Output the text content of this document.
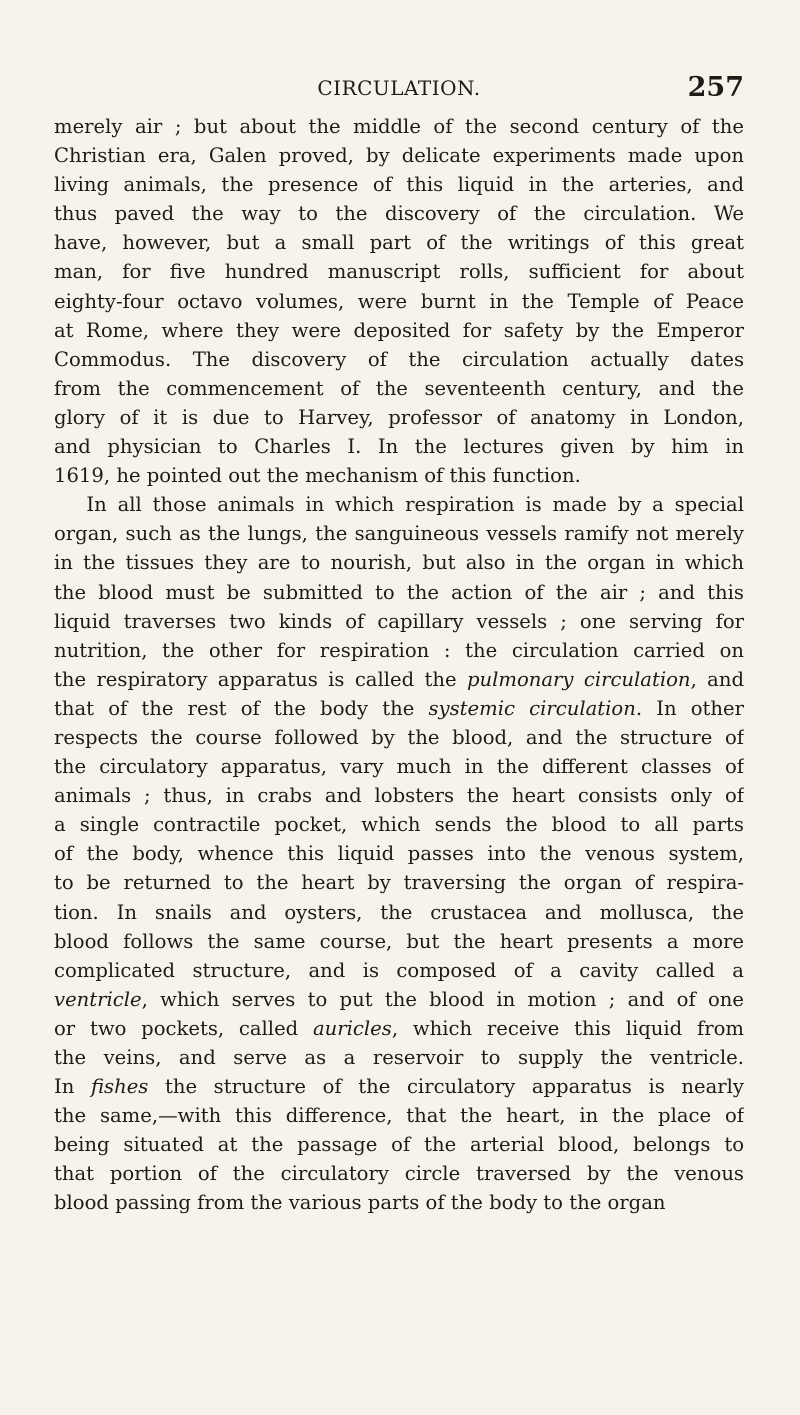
CIRCULATION.	257
merely air ; but about the middle of the second century of the
Christian era, Galen proved, by delicate experiments made upon
living animals, the presence of this liquid in the arteries, and
thus paved the way to the discovery of the circulation. We
have, however, but a small part of the writings of this great
man, for five hundred manuscript rolls, sufficient for about
eighty-four octavo volumes, were burnt in the Temple of Peace
at Rome, where they were deposited for safety by the Emperor
Commodus. The discovery of the circulation actually dates
from the commencement of the seventeenth century, and the
glory of it is due to Harvey, professor of anatomy in London,
and physician to Charles I. In the lectures given by him in
1619, he pointed out the mechanism of this function.
In all those animals in which respiration is made by a special
organ, such as the lungs, the sanguineous vessels ramify not merely
in the tissues they are to nourish, but also in the organ in which
the blood must be submitted to the action of the air ; and this
liquid traverses two kinds of capillary vessels ; one serving for
nutrition, the other for respiration : the circulation carried on
the respiratory apparatus is called the pulmonary circulation, and
that of the rest of the body the systemic circulation. In other
respects the course followed by the blood, and the structure of
the circulatory apparatus, vary much in the different classes of
animals ; thus, in crabs and lobsters the heart consists only of
a single contractile pocket, which sends the blood to all parts
of the body, whence this liquid passes into the venous system,
to be returned to the heart by traversing the organ of respira-
tion. In snails and oysters, the crustacea and mollusca, the
blood follows the same course, but the heart presents a more
complicated structure, and is composed of a cavity called a
ventricle, which serves to put the blood in motion ; and of one
or two pockets, called auricles, which receive this liquid from
the veins, and serve as a reservoir to supply the ventricle.
In fishes the structure of the circulatory apparatus is nearly
the same,—with this difference, that the heart, in the place of
being situated at the passage of the arterial blood, belongs to
that portion of the circulatory circle traversed by the venous
blood passing from the various parts of the body to the organ
